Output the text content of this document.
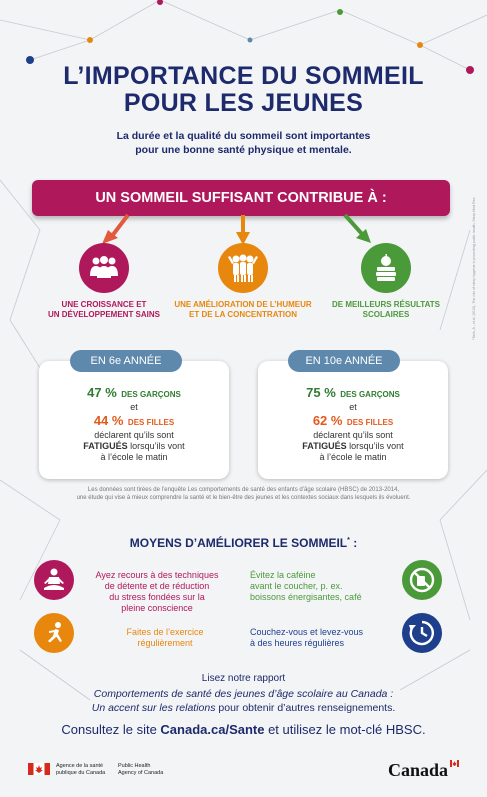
L’IMPORTANCE DU SOMMEIL
POUR LES JEUNES
La durée et la qualité du sommeil sont importantes
pour une bonne santé physique et mentale.
UN SOMMEIL SUFFISANT CONTRIBUE À :
UNE CROISSANCE ET
UN DÉVELOPPEMENT SAINS
UNE AMÉLIORATION DE L’HUMEUR
ET DE LA CONCENTRATION
DE MEILLEURS RÉSULTATS
SCOLAIRES
EN 6e ANNÉE
47 % DES GARÇONS
et
44 % DES FILLES
déclarent qu’ils sont
FATIGUÉS lorsqu’ils vont
à l’école le matin
EN 10e ANNÉE
75 % DES GARÇONS
et
62 % DES FILLES
déclarent qu’ils sont
FATIGUÉS lorsqu’ils vont
à l’école le matin
Les données sont tirées de l’enquête Les comportements de santé des enfants d’âge scolaire (HBSC) de 2013-2014,
une étude qui vise à mieux comprendre la santé et le bien-être des jeunes et les contextes sociaux dans lesquels ils évoluent.
MOYENS D’AMÉLIORER LE SOMMEIL* :
Ayez recours à des techniques
de détente et de réduction
du stress fondées sur la
pleine conscience
Évitez la caféine
avant le coucher, p. ex.
boissons énergisantes, café
Faites de l’exercice
régulièrement
Couchez-vous et levez-vous
à des heures régulières
Lisez notre rapport
Comportements de santé des jeunes d’âge scolaire au Canada :
Un accent sur les relations pour obtenir d’autres renseignements.
Consultez le site Canada.ca/Sante et utilisez le mot-clé HBSC.
*Tarik, A., et al. (2016). The role of sleep hygiene in promoting public health. Sleep Med Rev.
Agence de la santé
publique du Canada
Public Health
Agency of Canada	Canada
